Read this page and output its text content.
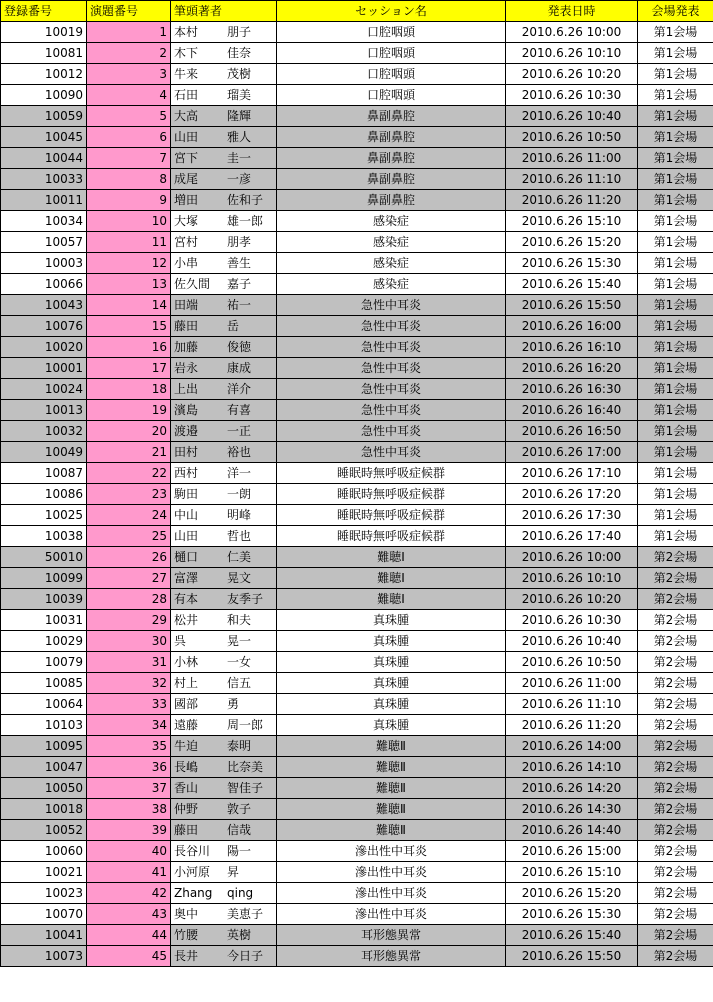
登録番号	演題番号	筆頭著者	セッション名	発表日時	会場発表
10019	1	本村 朋子	口腔咽頭	2010.6.26 10:00	第1会場
10081	2	木下 佳奈	口腔咽頭	2010.6.26 10:10	第1会場
10012	3	牛来 茂樹	口腔咽頭	2010.6.26 10:20	第1会場
10090	4	石田 瑠美	口腔咽頭	2010.6.26 10:30	第1会場
10059	5	大高 隆輝	鼻副鼻腔	2010.6.26 10:40	第1会場
10045	6	山田 雅人	鼻副鼻腔	2010.6.26 10:50	第1会場
10044	7	宮下 圭一	鼻副鼻腔	2010.6.26 11:00	第1会場
10033	8	成尾 一彦	鼻副鼻腔	2010.6.26 11:10	第1会場
10011	9	増田 佐和子	鼻副鼻腔	2010.6.26 11:20	第1会場
10034	10	大塚 雄一郎	感染症	2010.6.26 15:10	第1会場
10057	11	宮村 朋孝	感染症	2010.6.26 15:20	第1会場
10003	12	小串 善生	感染症	2010.6.26 15:30	第1会場
10066	13	佐久間 嘉子	感染症	2010.6.26 15:40	第1会場
10043	14	田端 祐一	急性中耳炎	2010.6.26 15:50	第1会場
10076	15	藤田 岳	急性中耳炎	2010.6.26 16:00	第1会場
10020	16	加藤 俊徳	急性中耳炎	2010.6.26 16:10	第1会場
10001	17	岩永 康成	急性中耳炎	2010.6.26 16:20	第1会場
10024	18	上出 洋介	急性中耳炎	2010.6.26 16:30	第1会場
10013	19	濱島 有喜	急性中耳炎	2010.6.26 16:40	第1会場
10032	20	渡邉 一正	急性中耳炎	2010.6.26 16:50	第1会場
10049	21	田村 裕也	急性中耳炎	2010.6.26 17:00	第1会場
10087	22	西村 洋一	睡眠時無呼吸症候群	2010.6.26 17:10	第1会場
10086	23	駒田 一朗	睡眠時無呼吸症候群	2010.6.26 17:20	第1会場
10025	24	中山 明峰	睡眠時無呼吸症候群	2010.6.26 17:30	第1会場
10038	25	山田 哲也	睡眠時無呼吸症候群	2010.6.26 17:40	第1会場
50010	26	樋口 仁美	難聴Ⅰ	2010.6.26 10:00	第2会場
10099	27	富澤 晃文	難聴Ⅰ	2010.6.26 10:10	第2会場
10039	28	有本 友季子	難聴Ⅰ	2010.6.26 10:20	第2会場
10031	29	松井 和夫	真珠腫	2010.6.26 10:30	第2会場
10029	30	呉 晃一	真珠腫	2010.6.26 10:40	第2会場
10079	31	小林 一女	真珠腫	2010.6.26 10:50	第2会場
10085	32	村上 信五	真珠腫	2010.6.26 11:00	第2会場
10064	33	國部 勇	真珠腫	2010.6.26 11:10	第2会場
10103	34	遠藤 周一郎	真珠腫	2010.6.26 11:20	第2会場
10095	35	牛迫 泰明	難聴Ⅱ	2010.6.26 14:00	第2会場
10047	36	長嶋 比奈美	難聴Ⅱ	2010.6.26 14:10	第2会場
10050	37	香山 智佳子	難聴Ⅱ	2010.6.26 14:20	第2会場
10018	38	仲野 敦子	難聴Ⅱ	2010.6.26 14:30	第2会場
10052	39	藤田 信哉	難聴Ⅱ	2010.6.26 14:40	第2会場
10060	40	長谷川 陽一	滲出性中耳炎	2010.6.26 15:00	第2会場
10021	41	小河原 昇	滲出性中耳炎	2010.6.26 15:10	第2会場
10023	42	Zhang qing	滲出性中耳炎	2010.6.26 15:20	第2会場
10070	43	奥中 美恵子	滲出性中耳炎	2010.6.26 15:30	第2会場
10041	44	竹腰 英樹	耳形態異常	2010.6.26 15:40	第2会場
10073	45	長井 今日子	耳形態異常	2010.6.26 15:50	第2会場
